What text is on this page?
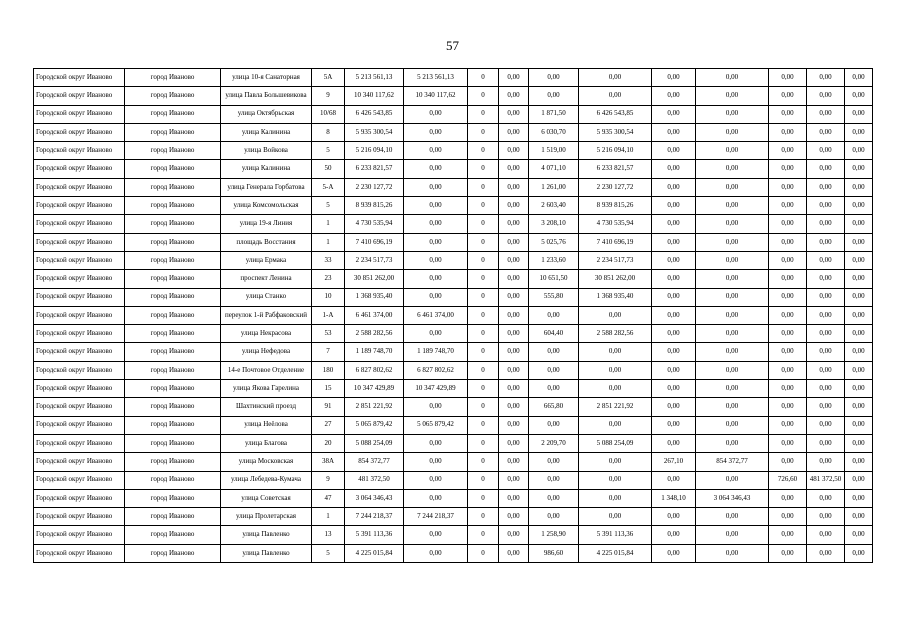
57
Городской округ Иваново	город Иваново	улица 10-я Санаторная	5А	5 213 561,13	5 213 561,13	0	0,00	0,00	0,00	0,00	0,00	0,00	0,00	0,00
Городской округ Иваново	город Иваново	улица Павла Большевикова	9	10 340 117,62	10 340 117,62	0	0,00	0,00	0,00	0,00	0,00	0,00	0,00	0,00
Городской округ Иваново	город Иваново	улица Октябрьская	10/68	6 426 543,85	0,00	0	0,00	1 871,50	6 426 543,85	0,00	0,00	0,00	0,00	0,00
Городской округ Иваново	город Иваново	улица Калинина	8	5 935 300,54	0,00	0	0,00	6 030,70	5 935 300,54	0,00	0,00	0,00	0,00	0,00
Городской округ Иваново	город Иваново	улица Войкова	5	5 216 094,10	0,00	0	0,00	1 519,00	5 216 094,10	0,00	0,00	0,00	0,00	0,00
Городской округ Иваново	город Иваново	улица Калинина	50	6 233 821,57	0,00	0	0,00	4 071,10	6 233 821,57	0,00	0,00	0,00	0,00	0,00
Городской округ Иваново	город Иваново	улица Генерала Горбатова	5-А	2 230 127,72	0,00	0	0,00	1 261,00	2 230 127,72	0,00	0,00	0,00	0,00	0,00
Городской округ Иваново	город Иваново	улица Комсомольская	5	8 939 815,26	0,00	0	0,00	2 603,40	8 939 815,26	0,00	0,00	0,00	0,00	0,00
Городской округ Иваново	город Иваново	улица 19-я Линия	1	4 730 535,94	0,00	0	0,00	3 208,10	4 730 535,94	0,00	0,00	0,00	0,00	0,00
Городской округ Иваново	город Иваново	площадь Восстания	1	7 410 696,19	0,00	0	0,00	5 025,76	7 410 696,19	0,00	0,00	0,00	0,00	0,00
Городской округ Иваново	город Иваново	улица Ермака	33	2 234 517,73	0,00	0	0,00	1 233,60	2 234 517,73	0,00	0,00	0,00	0,00	0,00
Городской округ Иваново	город Иваново	проспект Ленина	23	30 851 262,00	0,00	0	0,00	10 651,50	30 851 262,00	0,00	0,00	0,00	0,00	0,00
Городской округ Иваново	город Иваново	улица Станко	10	1 368 935,40	0,00	0	0,00	555,80	1 368 935,40	0,00	0,00	0,00	0,00	0,00
Городской округ Иваново	город Иваново	переулок 1-й Рабфаковский	1-А	6 461 374,00	6 461 374,00	0	0,00	0,00	0,00	0,00	0,00	0,00	0,00	0,00
Городской округ Иваново	город Иваново	улица Некрасова	53	2 588 282,56	0,00	0	0,00	604,40	2 588 282,56	0,00	0,00	0,00	0,00	0,00
Городской округ Иваново	город Иваново	улица Нефедова	7	1 189 748,70	1 189 748,70	0	0,00	0,00	0,00	0,00	0,00	0,00	0,00	0,00
Городской округ Иваново	город Иваново	14-е Почтовое Отделение	180	6 827 802,62	6 827 802,62	0	0,00	0,00	0,00	0,00	0,00	0,00	0,00	0,00
Городской округ Иваново	город Иваново	улица Якова Гарелина	15	10 347 429,89	10 347 429,89	0	0,00	0,00	0,00	0,00	0,00	0,00	0,00	0,00
Городской округ Иваново	город Иваново	Шахтинский проезд	91	2 851 221,92	0,00	0	0,00	665,80	2 851 221,92	0,00	0,00	0,00	0,00	0,00
Городской округ Иваново	город Иваново	улица Неёлова	27	5 065 879,42	5 065 879,42	0	0,00	0,00	0,00	0,00	0,00	0,00	0,00	0,00
Городской округ Иваново	город Иваново	улица Благова	20	5 088 254,09	0,00	0	0,00	2 209,70	5 088 254,09	0,00	0,00	0,00	0,00	0,00
Городской округ Иваново	город Иваново	улица Московская	38А	854 372,77	0,00	0	0,00	0,00	0,00	267,10	854 372,77	0,00	0,00	0,00
Городской округ Иваново	город Иваново	улица Лебедева-Кумача	9	481 372,50	0,00	0	0,00	0,00	0,00	0,00	0,00	726,60	481 372,50	0,00
Городской округ Иваново	город Иваново	улица Советская	47	3 064 346,43	0,00	0	0,00	0,00	0,00	1 348,10	3 064 346,43	0,00	0,00	0,00
Городской округ Иваново	город Иваново	улица Пролетарская	1	7 244 218,37	7 244 218,37	0	0,00	0,00	0,00	0,00	0,00	0,00	0,00	0,00
Городской округ Иваново	город Иваново	улица Павленко	13	5 391 113,36	0,00	0	0,00	1 258,90	5 391 113,36	0,00	0,00	0,00	0,00	0,00
Городской округ Иваново	город Иваново	улица Павленко	5	4 225 015,84	0,00	0	0,00	986,60	4 225 015,84	0,00	0,00	0,00	0,00	0,00
